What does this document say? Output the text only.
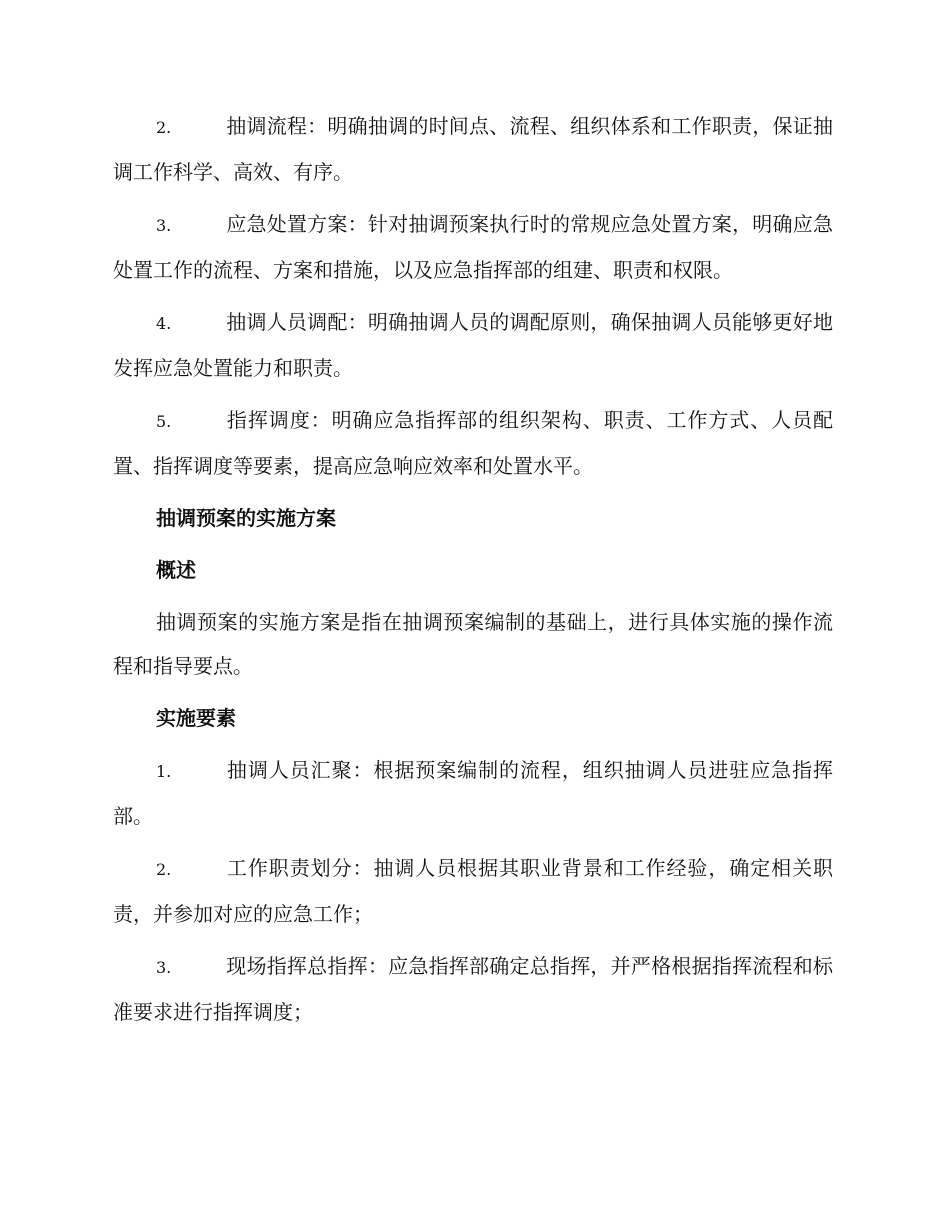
2.	抽调流程：明确抽调的时间点、流程、组织体系和工作职责，保证抽调工作科学、高效、有序。

3.	应急处置方案：针对抽调预案执行时的常规应急处置方案，明确应急处置工作的流程、方案和措施，以及应急指挥部的组建、职责和权限。

4.	抽调人员调配：明确抽调人员的调配原则，确保抽调人员能够更好地发挥应急处置能力和职责。

5.	指挥调度：明确应急指挥部的组织架构、职责、工作方式、人员配置、指挥调度等要素，提高应急响应效率和处置水平。

抽调预案的实施方案

概述

抽调预案的实施方案是指在抽调预案编制的基础上，进行具体实施的操作流程和指导要点。

实施要素

1.	抽调人员汇聚：根据预案编制的流程，组织抽调人员进驻应急指挥部。

2.	工作职责划分：抽调人员根据其职业背景和工作经验，确定相关职责，并参加对应的应急工作；

3.	现场指挥总指挥：应急指挥部确定总指挥，并严格根据指挥流程和标准要求进行指挥调度；
